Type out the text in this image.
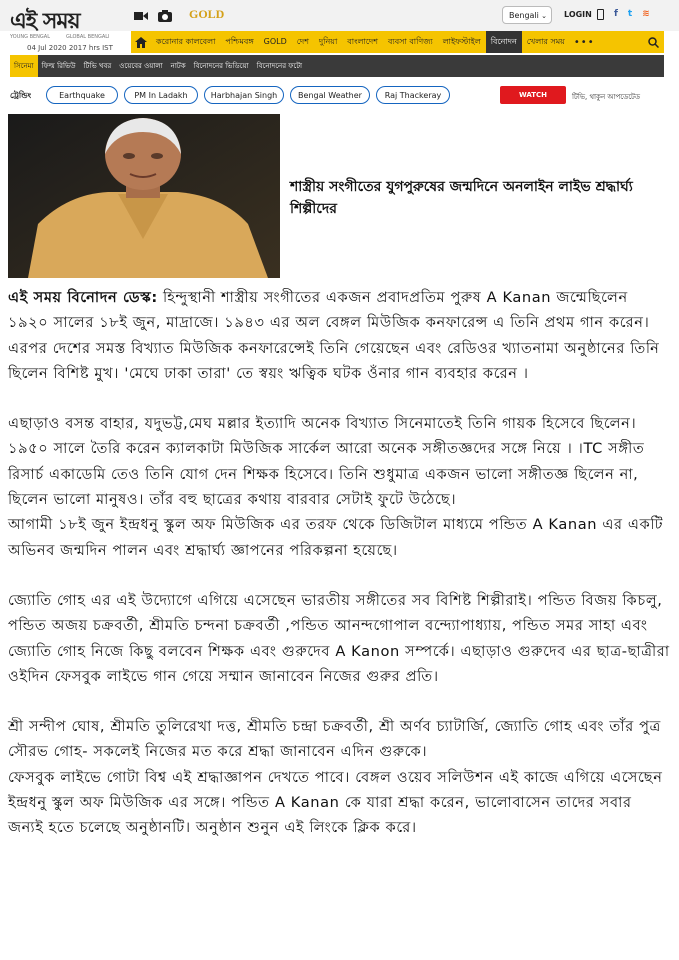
এই সময়
YOUNG BENGAL	GLOBAL BENGALI
04 Jul 2020 2017 hrs IST
GOLD	Bengali ⌄ LOGIN f t ≋
করোনার কালবেলা	পশ্চিমবঙ্গ	GOLD	দেশ	দুনিয়া	বাংলাদেশ	ব্যবসা বাণিজ্য	লাইফস্টাইল	বিনোদন	খেলার সময় •••
সিনেমা	ফিল্ম রিভিউ	টিভি খবর	ওয়েবের ওয়ালা	নাটক	বিনোদনের ভিডিয়ো	বিনোদনের ফটো
ট্রেন্ডিং	Earthquake	PM In Ladakh	Harbhajan Singh	Bengal Weather	Raj Thackeray	WATCH	টিভি, থাকুন আপডেটেড
শাস্ত্রীয় সংগীতের যুগপুরুষের জন্মদিনে অনলাইন লাইভ শ্রদ্ধার্ঘ্য শিল্পীদের

এই সময় বিনোদন ডেস্ক: হিন্দুস্থানী শাস্ত্রীয় সংগীতের একজন প্রবাদপ্রতিম পুরুষ A Kanan জন্মেছিলেন ১৯২০ সালের ১৮ই জুন, মাদ্রাজে। ১৯৪৩ এর অল বেঙ্গল মিউজিক কনফারেন্স এ তিনি প্রথম গান করেন। এরপর দেশের সমস্ত বিখ্যাত মিউজিক কনফারেন্সেই তিনি গেয়েছেন এবং রেডিওর খ্যাতনামা অনুষ্ঠানের তিনি ছিলেন বিশিষ্ট মুখ। 'মেঘে ঢাকা তারা' তে স্বয়ং ঋত্বিক ঘটক ওঁনার গান ব্যবহার করেন ।

এছাড়াও বসন্ত বাহার, যদুভট্ট,মেঘ মল্লার ইত্যাদি অনেক বিখ্যাত সিনেমাতেই তিনি গায়ক হিসেবে ছিলেন। ১৯৫০ সালে তৈরি করেন ক্যালকাটা মিউজিক সার্কেল আরো অনেক সঙ্গীতজ্ঞদের সঙ্গে নিয়ে । ।TC সঙ্গীত রিসার্চ একাডেমি তেও তিনি যোগ দেন শিক্ষক হিসেবে। তিনি শুধুমাত্র একজন ভালো সঙ্গীতজ্ঞ ছিলেন না, ছিলেন ভালো মানুষও। তাঁর বহু ছাত্রের কথায় বারবার সেটাই ফুটে উঠেছে।

আগামী ১৮ই জুন ইন্দ্রধনু স্কুল অফ মিউজিক এর তরফ থেকে ডিজিটাল মাধ্যমে পন্ডিত A Kanan এর একটি অভিনব জন্মদিন পালন এবং শ্রদ্ধার্ঘ্য জ্ঞাপনের পরিকল্পনা হয়েছে।

জ্যোতি গোহ এর এই উদ্যোগে এগিয়ে এসেছেন ভারতীয় সঙ্গীতের সব বিশিষ্ট শিল্পীরাই। পন্ডিত বিজয় কিচলু, পন্ডিত অজয় চক্রবর্তী, শ্রীমতি চন্দনা চক্রবর্তী ,পন্ডিত আনন্দগোপাল বন্দ্যোপাধ্যায়, পন্ডিত সমর সাহা এবং জ্যোতি গোহ নিজে কিছু বলবেন শিক্ষক এবং গুরুদেব A Kanon সম্পর্কে। এছাড়াও গুরুদেব এর ছাত্র-ছাত্রীরা ওইদিন ফেসবুক লাইভে গান গেয়ে সম্মান জানাবেন নিজের গুরুর প্রতি।

শ্রী সন্দীপ ঘোষ, শ্রীমতি তুলিরেখা দত্ত, শ্রীমতি চন্দ্রা চক্রবর্তী, শ্রী অর্ণব চ্যাটার্জি, জ্যোতি গোহ এবং তাঁর পুত্র সৌরভ গোহ- সকলেই নিজের মত করে শ্রদ্ধা জানাবেন এদিন গুরুকে।

ফেসবুক লাইভে গোটা বিশ্ব এই শ্রদ্ধাজ্ঞাপন দেখতে পাবে। বেঙ্গল ওয়েব সলিউশন এই কাজে এগিয়ে এসেছেন ইন্দ্রধনু স্কুল অফ মিউজিক এর সঙ্গে। পন্ডিত A Kanan কে যারা শ্রদ্ধা করেন, ভালোবাসেন তাদের সবার জন্যই হতে চলেছে অনুষ্ঠানটি। অনুষ্ঠান শুনুন এই লিংকে ক্লিক করে।
